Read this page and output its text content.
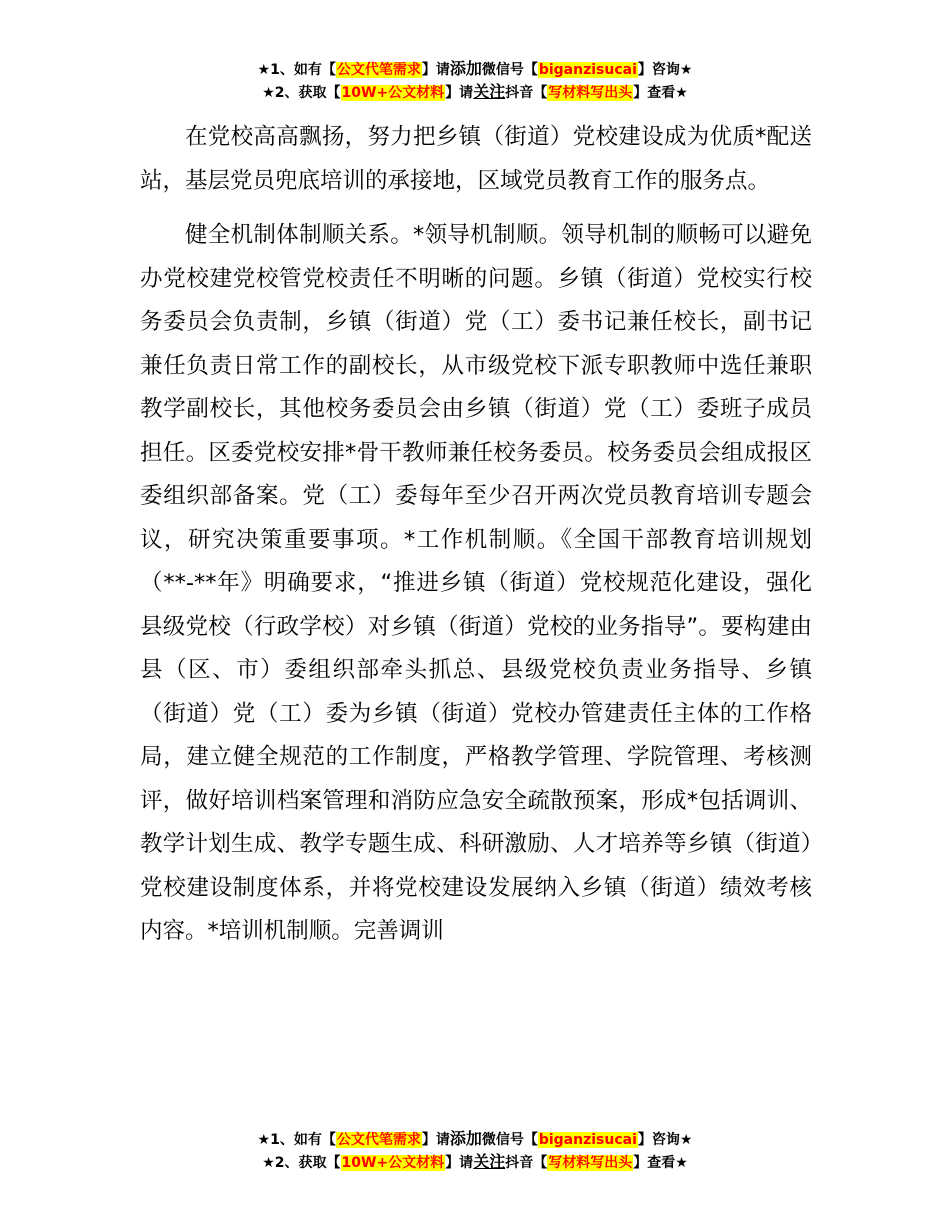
★1、如有【公文代笔需求】请添加微信号【biganzisucai】咨询★
★2、获取【10W+公文材料】请关注抖音【写材料写出头】查看★

在党校高高飘扬，努力把乡镇（街道）党校建设成为优质*配送站，基层党员兜底培训的承接地，区域党员教育工作的服务点。

健全机制体制顺关系。*领导机制顺。领导机制的顺畅可以避免办党校建党校管党校责任不明晰的问题。乡镇（街道）党校实行校务委员会负责制，乡镇（街道）党（工）委书记兼任校长，副书记兼任负责日常工作的副校长，从市级党校下派专职教师中选任兼职教学副校长，其他校务委员会由乡镇（街道）党（工）委班子成员担任。区委党校安排*骨干教师兼任校务委员。校务委员会组成报区委组织部备案。党（工）委每年至少召开两次党员教育培训专题会议，研究决策重要事项。*工作机制顺。《全国干部教育培训规划（**-**年》明确要求，“推进乡镇（街道）党校规范化建设，强化县级党校（行政学校）对乡镇（街道）党校的业务指导”。要构建由县（区、市）委组织部牵头抓总、县级党校负责业务指导、乡镇（街道）党（工）委为乡镇（街道）党校办管建责任主体的工作格局，建立健全规范的工作制度，严格教学管理、学院管理、考核测评，做好培训档案管理和消防应急安全疏散预案，形成*包括调训、教学计划生成、教学专题生成、科研激励、人才培养等乡镇（街道）党校建设制度体系，并将党校建设发展纳入乡镇（街道）绩效考核内容。*培训机制顺。完善调训

★1、如有【公文代笔需求】请添加微信号【biganzisucai】咨询★
★2、获取【10W+公文材料】请关注抖音【写材料写出头】查看★
